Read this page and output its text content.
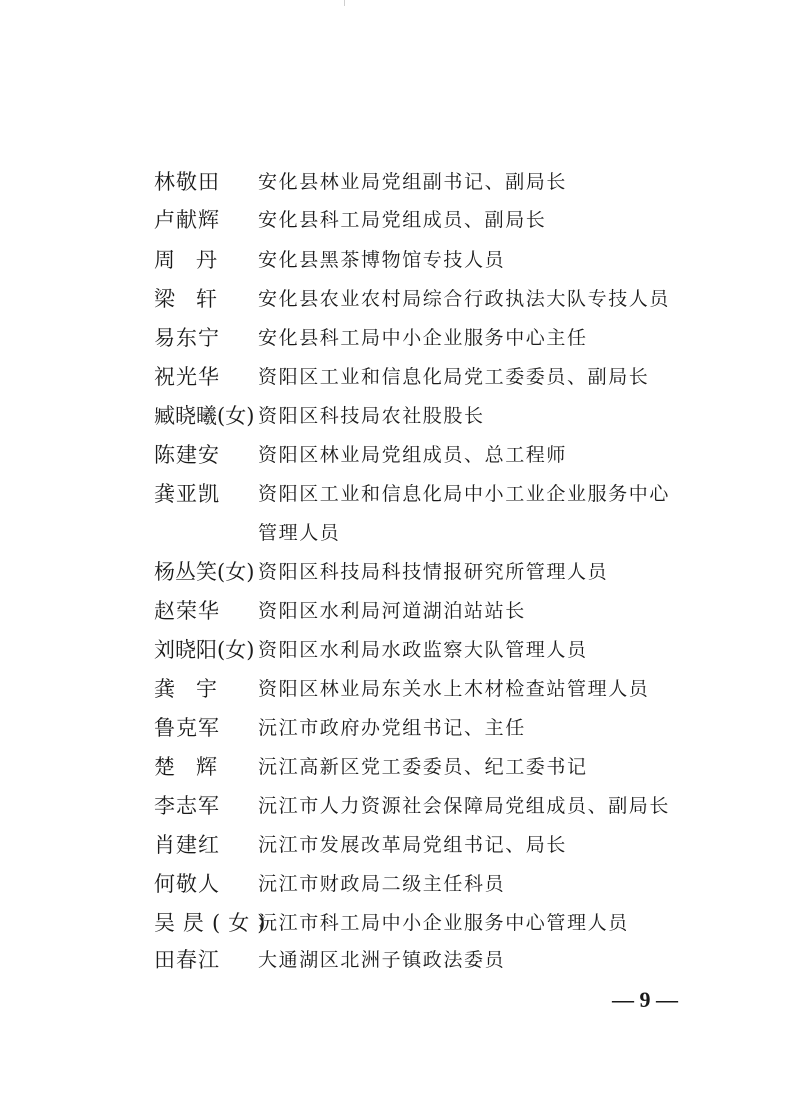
林敬田 安化县林业局党组副书记、副局长
卢献辉 安化县科工局党组成员、副局长
周丹 安化县黑茶博物馆专技人员
梁轩 安化县农业农村局综合行政执法大队专技人员
易东宁 安化县科工局中小企业服务中心主任
祝光华 资阳区工业和信息化局党工委委员、副局长
臧晓曦(女) 资阳区科技局农社股股长
陈建安 资阳区林业局党组成员、总工程师
龚亚凯 资阳区工业和信息化局中小工业企业服务中心
管理人员
杨丛笑(女) 资阳区科技局科技情报研究所管理人员
赵荣华 资阳区水利局河道湖泊站站长
刘晓阳(女) 资阳区水利局水政监察大队管理人员
龚宇 资阳区林业局东关水上木材检查站管理人员
鲁克军 沅江市政府办党组书记、主任
楚辉 沅江高新区党工委委员、纪工委书记
李志军 沅江市人力资源社会保障局党组成员、副局长
肖建红 沅江市发展改革局党组书记、局长
何敬人 沅江市财政局二级主任科员
吴昃(女)
沅江市科工局中小企业服务中心管理人员
田春江 大通湖区北洲子镇政法委员
— 9 —
